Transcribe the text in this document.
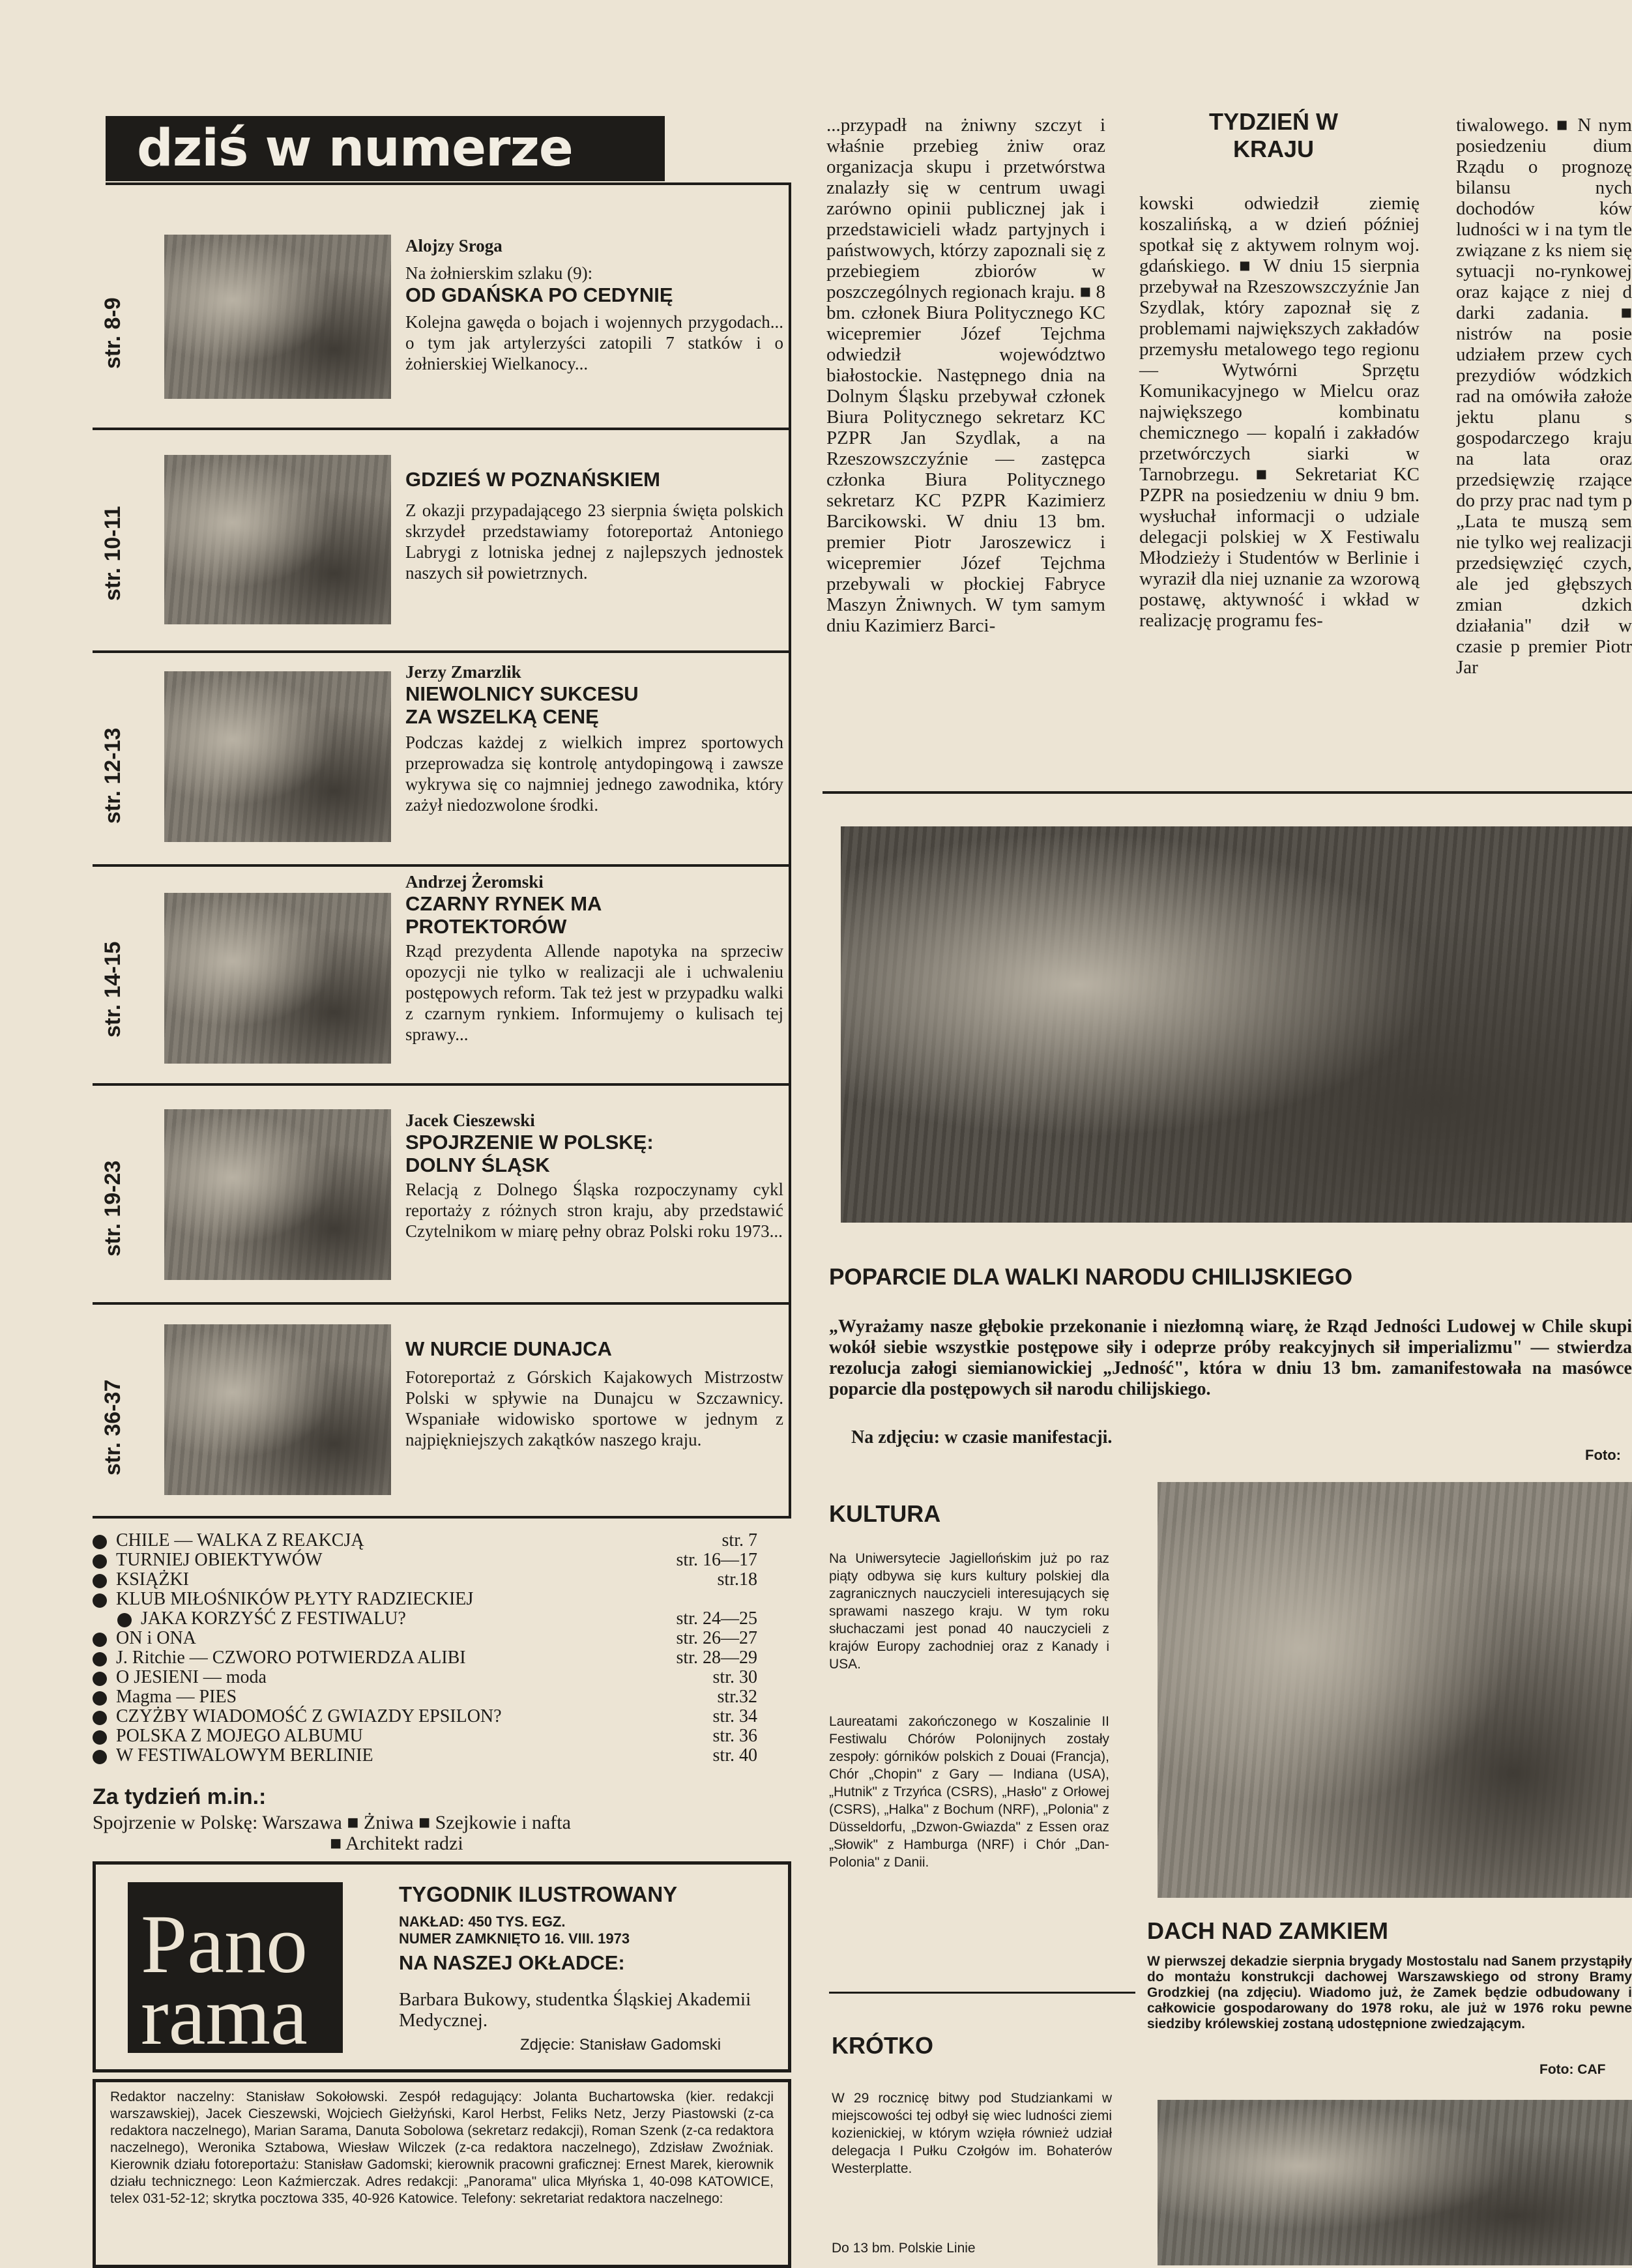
dziś w numerze
str. 8-9
Alojzy Sroga
Na żołnierskim szlaku (9):
OD GDAŃSKA PO CEDYNIĘ
Kolejna gawęda o bojach i wojennych przygodach... o tym jak artylerzyści zatopili 7 statków i o żołnierskiej Wielkanocy...
str. 10-11
GDZIEŚ W POZNAŃSKIEM
Z okazji przypadającego 23 sierpnia święta polskich skrzydeł przedstawiamy fotoreportaż Antoniego Labrygi z lotniska jednej z najlepszych jednostek naszych sił powietrznych.
str. 12-13
Jerzy Zmarzlik
NIEWOLNICY SUKCESU ZA WSZELKĄ CENĘ
Podczas każdej z wielkich imprez sportowych przeprowadza się kontrolę antydopingową i zawsze wykrywa się co najmniej jednego zawodnika, który zażył niedozwolone środki.
str. 14-15
Andrzej Żeromski
CZARNY RYNEK MA PROTEKTORÓW
Rząd prezydenta Allende napotyka na sprzeciw opozycji nie tylko w realizacji ale i uchwaleniu postępowych reform. Tak też jest w przypadku walki z czarnym rynkiem. Informujemy o kulisach tej sprawy...
str. 19-23
Jacek Cieszewski
SPOJRZENIE W POLSKĘ: DOLNY ŚLĄSK
Relacją z Dolnego Śląska rozpoczynamy cykl reportaży z różnych stron kraju, aby przedstawić Czytelnikom w miarę pełny obraz Polski roku 1973...
str. 36-37
W NURCIE DUNAJCA
Fotoreportaż z Górskich Kajakowych Mistrzostw Polski w spływie na Dunajcu w Szczawnicy. Wspaniałe widowisko sportowe w jednym z najpiękniejszych zakątków naszego kraju.
CHILE — WALKA Z REAKCJĄ	str. 7
TURNIEJ OBIEKTYWÓW	str. 16—17
KSIĄŻKI	str.18
KLUB MIŁOŚNIKÓW PŁYTY RADZIECKIEJ
JAKA KORZYŚĆ Z FESTIWALU?	str. 24—25
ON i ONA	str. 26—27
J. Ritchie — CZWORO POTWIERDZA ALIBI	str. 28—29
O JESIENI — moda	str. 30
Magma — PIES	str.32
CZYŻBY WIADOMOŚĆ Z GWIAZDY EPSILON?	str. 34
POLSKA Z MOJEGO ALBUMU	str. 36
W FESTIWALOWYM BERLINIE	str. 40
Za tydzień m.in.:
Spojrzenie w Polskę: Warszawa ■ Żniwa ■ Szejkowie i nafta
■ Architekt radzi
Panorama
TYGODNIK ILUSTROWANY
NAKŁAD: 450 TYS. EGZ.
NUMER ZAMKNIĘTO 16. VIII. 1973
NA NASZEJ OKŁADCE:
Barbara Bukowy, studentka Śląskiej Akademii Medycznej.
Zdjęcie: Stanisław Gadomski
Redaktor naczelny: Stanisław Sokołowski. Zespół redagujący: Jolanta Buchartowska (kier. redakcji warszawskiej), Jacek Cieszewski, Wojciech Giełżyński, Karol Herbst, Feliks Netz, Jerzy Piastowski (z-ca redaktora naczelnego), Marian Sarama, Danuta Sobolowa (sekretarz redakcji), Roman Szenk (z-ca redaktora naczelnego), Weronika Sztabowa, Wiesław Wilczek (z-ca redaktora naczelnego), Zdzisław Zwoźniak. Kierownik działu fotoreportażu: Stanisław Gadomski; kierownik pracowni graficznej: Ernest Marek, kierownik działu technicznego: Leon Kaźmierczak. Adres redakcji: „Panorama" ulica Młyńska 1, 40-098 KATOWICE, telex 031-52-12; skrytka pocztowa 335, 40-926 Katowice. Telefony: sekretariat redaktora naczelnego:
...przypadł na żniwny szczyt i właśnie przebieg żniw oraz organizacja skupu i przetwórstwa znalazły się w centrum uwagi zarówno opinii publicznej jak i przedstawicieli władz partyjnych i państwowych, którzy zapoznali się z przebiegiem zbiorów w poszczególnych regionach kraju. ■ 8 bm. członek Biura Politycznego KC wicepremier Józef Tejchma odwiedził województwo białostockie. Następnego dnia na Dolnym Śląsku przebywał członek Biura Politycznego sekretarz KC PZPR Jan Szydlak, a na Rzeszowszczyźnie — zastępca członka Biura Politycznego sekretarz KC PZPR Kazimierz Barcikowski. W dniu 13 bm. premier Piotr Jaroszewicz i wicepremier Józef Tejchma przebywali w płockiej Fabryce Maszyn Żniwnych. W tym samym dniu Kazimierz Barci-
TYDZIEŃ W KRAJU
kowski odwiedził ziemię koszalińską, a w dzień później spotkał się z aktywem rolnym woj. gdańskiego. ■ W dniu 15 sierpnia przebywał na Rzeszowszczyźnie Jan Szydlak, który zapoznał się z problemami największych zakładów przemysłu metalowego tego regionu — Wytwórni Sprzętu Komunikacyjnego w Mielcu oraz największego kombinatu chemicznego — kopalń i zakładów przetwórczych siarki w Tarnobrzegu. ■ Sekretariat KC PZPR na posiedzeniu w dniu 9 bm. wysłuchał informacji o udziale delegacji polskiej w X Festiwalu Młodzieży i Studentów w Berlinie i wyraził dla niej uznanie za wzorową postawę, aktywność i wkład w realizację programu fes-
tiwalowego. ■ N nym posiedzeniu dium Rządu o prognozę bilansu nych dochodów ków ludności w i na tym tle związane z ks niem się sytuacji no-rynkowej oraz kające z niej d darki zadania. ■ nistrów na posie udziałem przew cych prezydiów wódzkich rad na omówiła założe jektu planu s gospodarczego kraju na lata oraz przedsięwzię rzające do przy prac nad tym p „Lata te muszą sem nie tylko wej realizacji przedsięwzięć czych, ale jed głębszych zmian dzkich działania" dził w czasie p premier Piotr Jar
POPARCIE DLA WALKI NARODU CHILIJSKIEGO
„Wyrażamy nasze głębokie przekonanie i niezłomną wiarę, że Rząd Jedności Ludowej w Chile skupi wokół siebie wszystkie postępowe siły i odeprze próby reakcyjnych sił imperializmu" — stwierdza rezolucja załogi siemianowickiej „Jedność", która w dniu 13 bm. zamanifestowała na masówce poparcie dla postępowych sił narodu chilijskiego.
Na zdjęciu: w czasie manifestacji.
Foto:
KULTURA
Na Uniwersytecie Jagiellońskim już po raz piąty odbywa się kurs kultury polskiej dla zagranicznych nauczycieli interesujących się sprawami naszego kraju. W tym roku słuchaczami jest ponad 40 nauczycieli z krajów Europy zachodniej oraz z Kanady i USA.
Laureatami zakończonego w Koszalinie II Festiwalu Chórów Polonijnych zostały zespoły: górników polskich z Douai (Francja), Chór „Chopin" z Gary — Indiana (USA), „Hutnik" z Trzyńca (CSRS), „Hasło" z Orłowej (CSRS), „Halka" z Bochum (NRF), „Polonia" z Düsseldorfu, „Dzwon-Gwiazda" z Essen oraz „Słowik" z Hamburga (NRF) i Chór „Dan-Polonia" z Danii.
DACH NAD ZAMKIEM
W pierwszej dekadzie sierpnia brygady Mostostalu nad Sanem przystąpiły do montażu konstrukcji dachowej Warszawskiego od strony Bramy Grodzkiej (na zdjęciu). Wiadomo już, że Zamek będzie odbudowany i całkowicie gospodarowany do 1978 roku, ale już w 1976 roku pewne siedziby królewskiej zostaną udostępnione zwiedzającym.
Foto: CAF
KRÓTKO
W 29 rocznicę bitwy pod Studziankami w miejscowości tej odbył się wiec ludności ziemi kozienickiej, w którym wzięła również udział delegacja I Pułku Czołgów im. Bohaterów Westerplatte.
Do 13 bm. Polskie Linie
